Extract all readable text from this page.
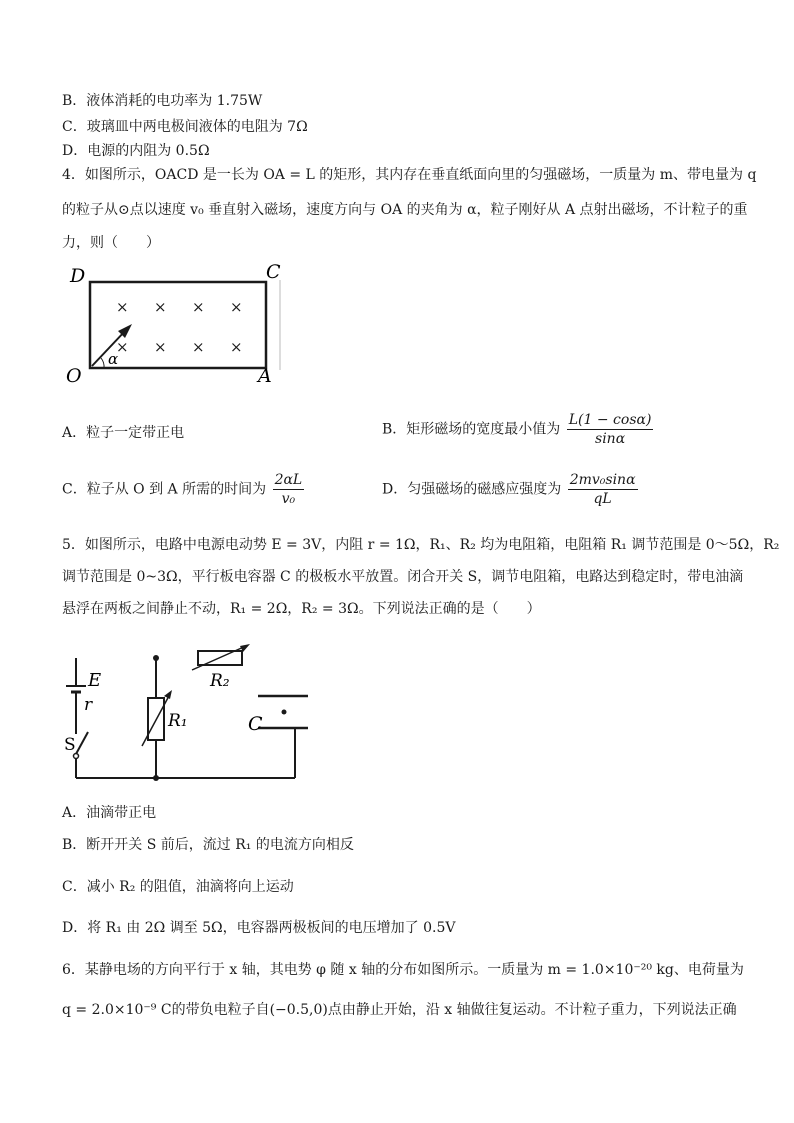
B．液体消耗的电功率为 1.75W
C．玻璃皿中两电极间液体的电阻为 7Ω
D．电源的内阻为 0.5Ω
4．如图所示，OACD 是一长为 OA = L 的矩形，其内存在垂直纸面向里的匀强磁场，一质量为 m、带电量为 q
的粒子从⊙点以速度 v₀ 垂直射入磁场，速度方向与 OA 的夹角为 α，粒子刚好从 A 点射出磁场，不计粒子的重
力，则（　　）
D	C
O	A
× × × ×
× × × ×
α
A．粒子一定带正电	B．矩形磁场的宽度最小值为 $\frac{L(1 - \cos\alpha)}{\sin\alpha}$
C．粒子从 O 到 A 所需的时间为 $\frac{2\alpha L}{\text{v₀}}$	D．匀强磁场的磁感应强度为 $\frac{\text{2mv₀sinα}}{qL}$
5．如图所示，电路中电源电动势 E = 3V，内阻 r = 1Ω，R₁、R₂ 均为电阻箱，电阻箱 R₁ 调节范围是 0～5Ω，R₂
调节范围是 0~3Ω，平行板电容器 C 的极板水平放置。闭合开关 S，调节电阻箱，电路达到稳定时，带电油滴
悬浮在两板之间静止不动，R₁ = 2Ω，R₂ = 3Ω。下列说法正确的是（　　）
E
r
S
R₁
R₂
C
A．油滴带正电
B．断开开关 S 前后，流过 R₁ 的电流方向相反
C．减小 R₂ 的阻值，油滴将向上运动
D．将 R₁ 由 2Ω 调至 5Ω，电容器两极板间的电压增加了 0.5V
6．某静电场的方向平行于 x 轴，其电势 φ 随 x 轴的分布如图所示。一质量为 m = 1.0×10⁻²⁰ kg、电荷量为
q = 2.0×10⁻⁹ C的带负电粒子自(−0.5,0)点由静止开始，沿 x 轴做往复运动。不计粒子重力，下列说法正确
